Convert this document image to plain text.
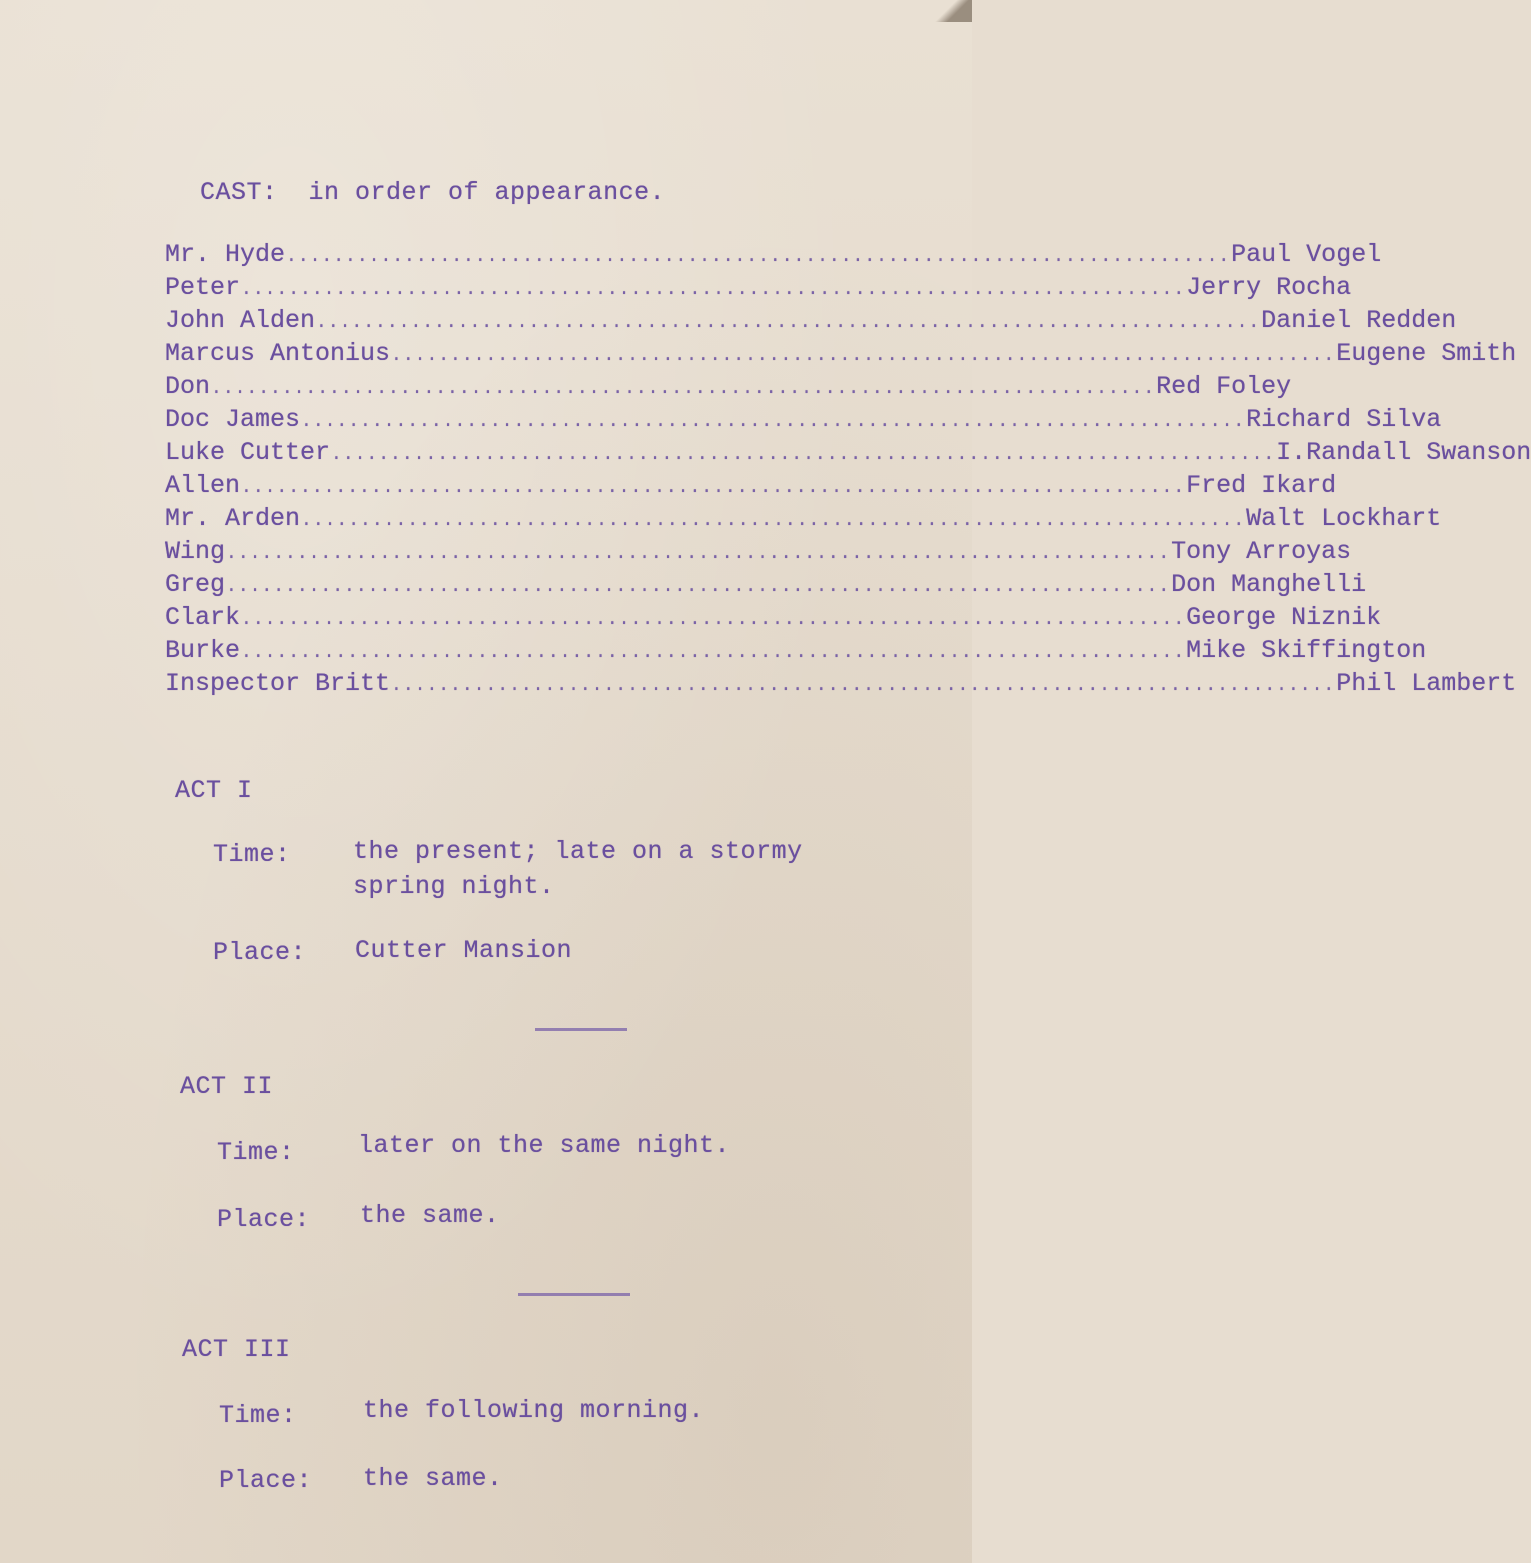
CAST:  in order of appearance.
Mr. Hyde ................................................................................ Paul Vogel
Peter ................................................................................ Jerry Rocha
John Alden ................................................................................ Daniel Redden
Marcus Antonius ................................................................................ Eugene Smith
Don ................................................................................ Red Foley
Doc James ................................................................................ Richard Silva
Luke Cutter ................................................................................ I.Randall Swanson
Allen ................................................................................ Fred Ikard
Mr. Arden ................................................................................ Walt Lockhart
Wing ................................................................................ Tony Arroyas
Greg ................................................................................ Don Manghelli
Clark ................................................................................ George Niznik
Burke ................................................................................ Mike Skiffington
Inspector Britt ................................................................................ Phil Lambert
ACT I
Time: the present; late on a stormy
spring night.
Place: Cutter Mansion
ACT II
Time:	later on the same night.
Place: the same.
ACT III
Time:	the following morning.
Place: the same.
